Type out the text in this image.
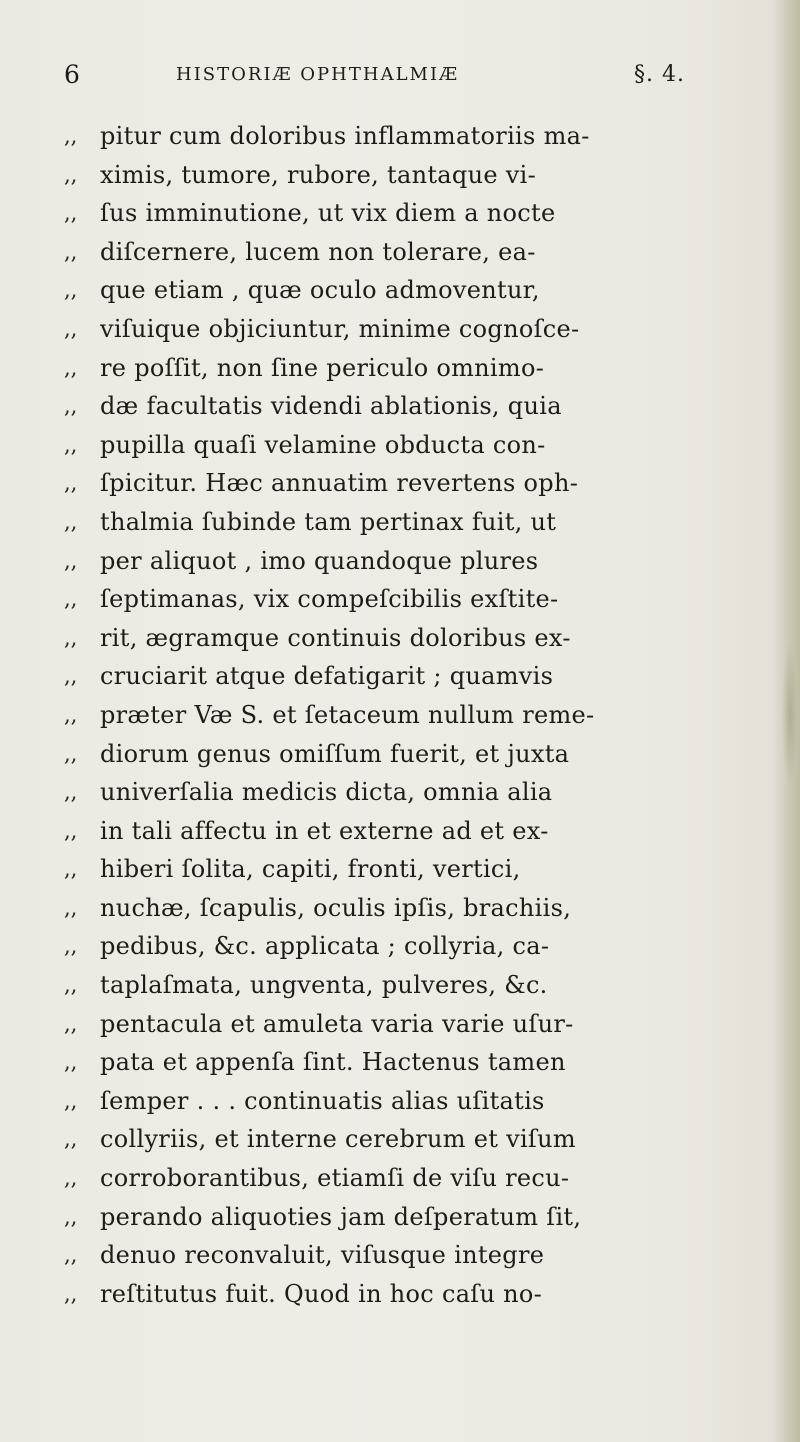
6	HISTORIÆ OPHTHALMIÆ	§. 4.
,, pitur cum doloribus inflammatoriis ma-
,, ximis, tumore, rubore, tantaque vi-
,, ſus imminutione, ut vix diem a nocte
,, diſcernere, lucem non tolerare, ea-
,, que etiam , quæ oculo admoventur,
,, viſuique objiciuntur, minime cognoſce-
,, re poſſit, non ſine periculo omnimo-
,, dæ facultatis videndi ablationis, quia
,, pupilla quaſi velamine obducta con-
,, ſpicitur. Hæc annuatim revertens oph-
,, thalmia ſubinde tam pertinax fuit, ut
,, per aliquot , imo quandoque plures
,, ſeptimanas, vix compeſcibilis exſtite-
,, rit, ægramque continuis doloribus ex-
,, cruciarit atque defatigarit ; quamvis
,, præter Væ S. et ſetaceum nullum reme-
,, diorum genus omiſſum fuerit, et juxta
,, univerſalia medicis dicta, omnia alia
,, in tali affectu in et externe ad et ex-
,, hiberi ſolita, capiti, fronti, vertici,
,, nuchæ, ſcapulis, oculis ipſis, brachiis,
,, pedibus, &c. applicata ; collyria, ca-
,, taplaſmata, ungventa, pulveres, &c.
,, pentacula et amuleta varia varie uſur-
,, pata et appenſa ſint. Hactenus tamen
,, ſemper . . . continuatis alias uſitatis
,, collyriis, et interne cerebrum et viſum
,, corroborantibus, etiamſi de viſu recu-
,, perando aliquoties jam deſperatum ſit,
,, denuo reconvaluit, viſusque integre
,, reſtitutus fuit. Quod in hoc caſu no-
